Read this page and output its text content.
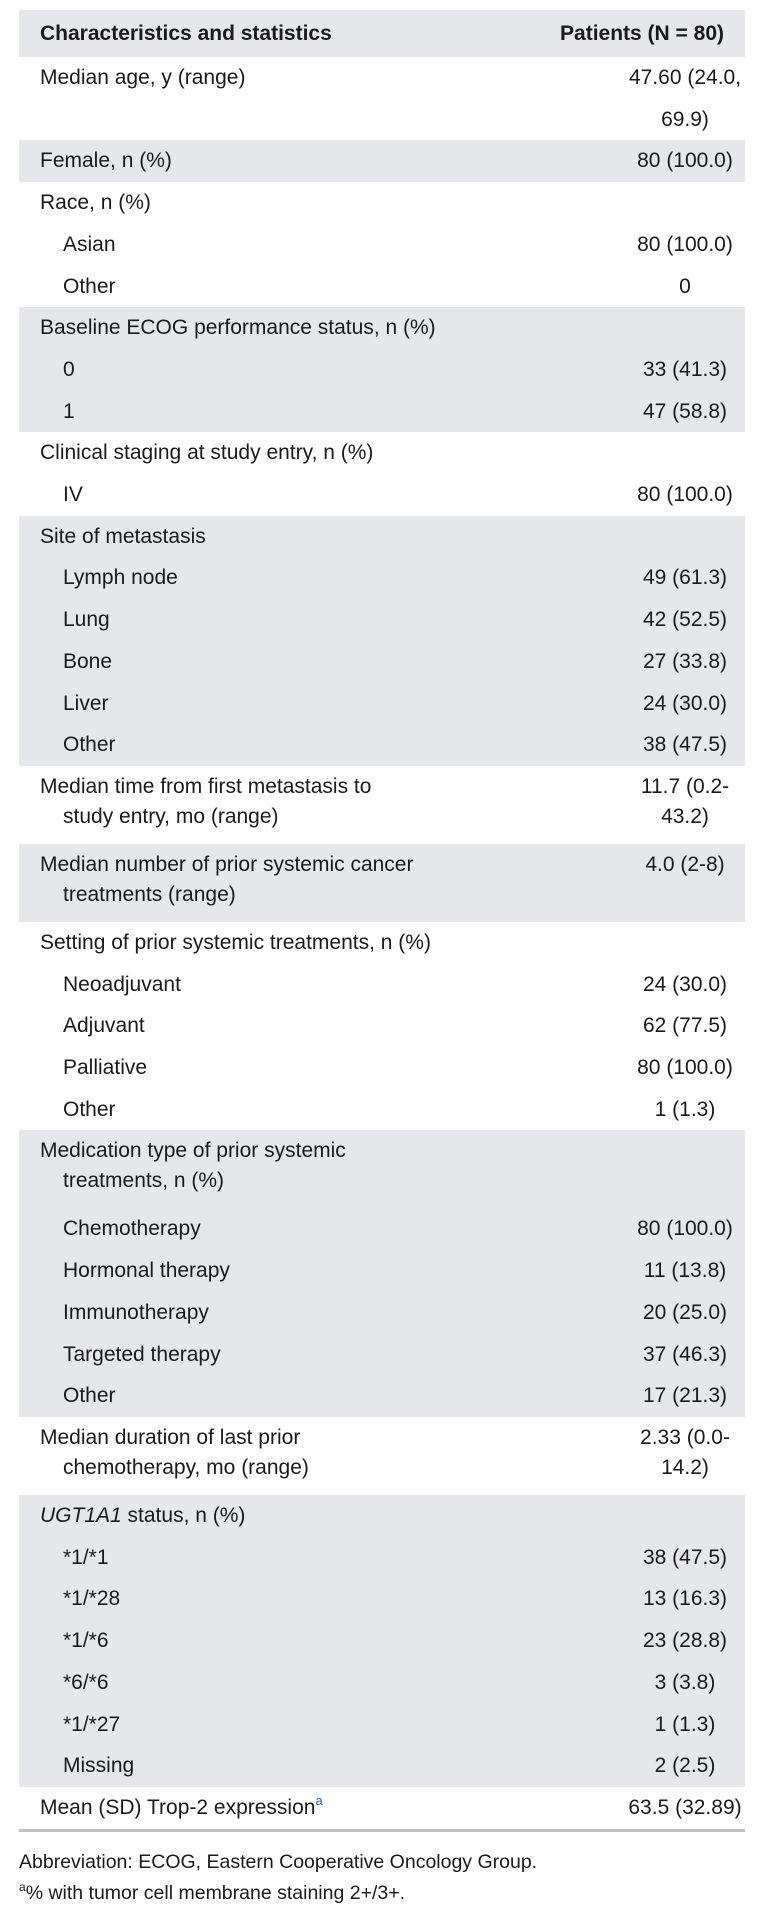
Characteristics and statistics	Patients (N = 80)
Median age, y (range)	47.60 (24.0, 69.9)
Female, n (%)	80 (100.0)
Race, n (%)	
Asian	80 (100.0)
Other	0
Baseline ECOG performance status, n (%)	
0	33 (41.3)
1	47 (58.8)
Clinical staging at study entry, n (%)	
IV	80 (100.0)
Site of metastasis	
Lymph node	49 (61.3)
Lung	42 (52.5)
Bone	27 (33.8)
Liver	24 (30.0)
Other	38 (47.5)
Median time from first metastasis to
study entry, mo (range)	11.7 (0.2-43.2)
Median number of prior systemic cancer
treatments (range)	4.0 (2-8)
Setting of prior systemic treatments, n (%)	
Neoadjuvant	24 (30.0)
Adjuvant	62 (77.5)
Palliative	80 (100.0)
Other	1 (1.3)
Medication type of prior systemic
treatments, n (%)	

Chemotherapy	80 (100.0)
Hormonal therapy	11 (13.8)
Immunotherapy	20 (25.0)
Targeted therapy	37 (46.3)
Other	17 (21.3)
Median duration of last prior
chemotherapy, mo (range)	2.33 (0.0-14.2)
UGT1A1 status, n (%)	
*1/*1	38 (47.5)
*1/*28	13 (16.3)
*1/*6	23 (28.8)
*6/*6	3 (3.8)
*1/*27	1 (1.3)
Missing	2 (2.5)
Mean (SD) Trop-2 expression$^a$	63.5 (32.89)
Abbreviation: ECOG, Eastern Cooperative Oncology Group.
$^a$% with tumor cell membrane staining 2+/3+.
